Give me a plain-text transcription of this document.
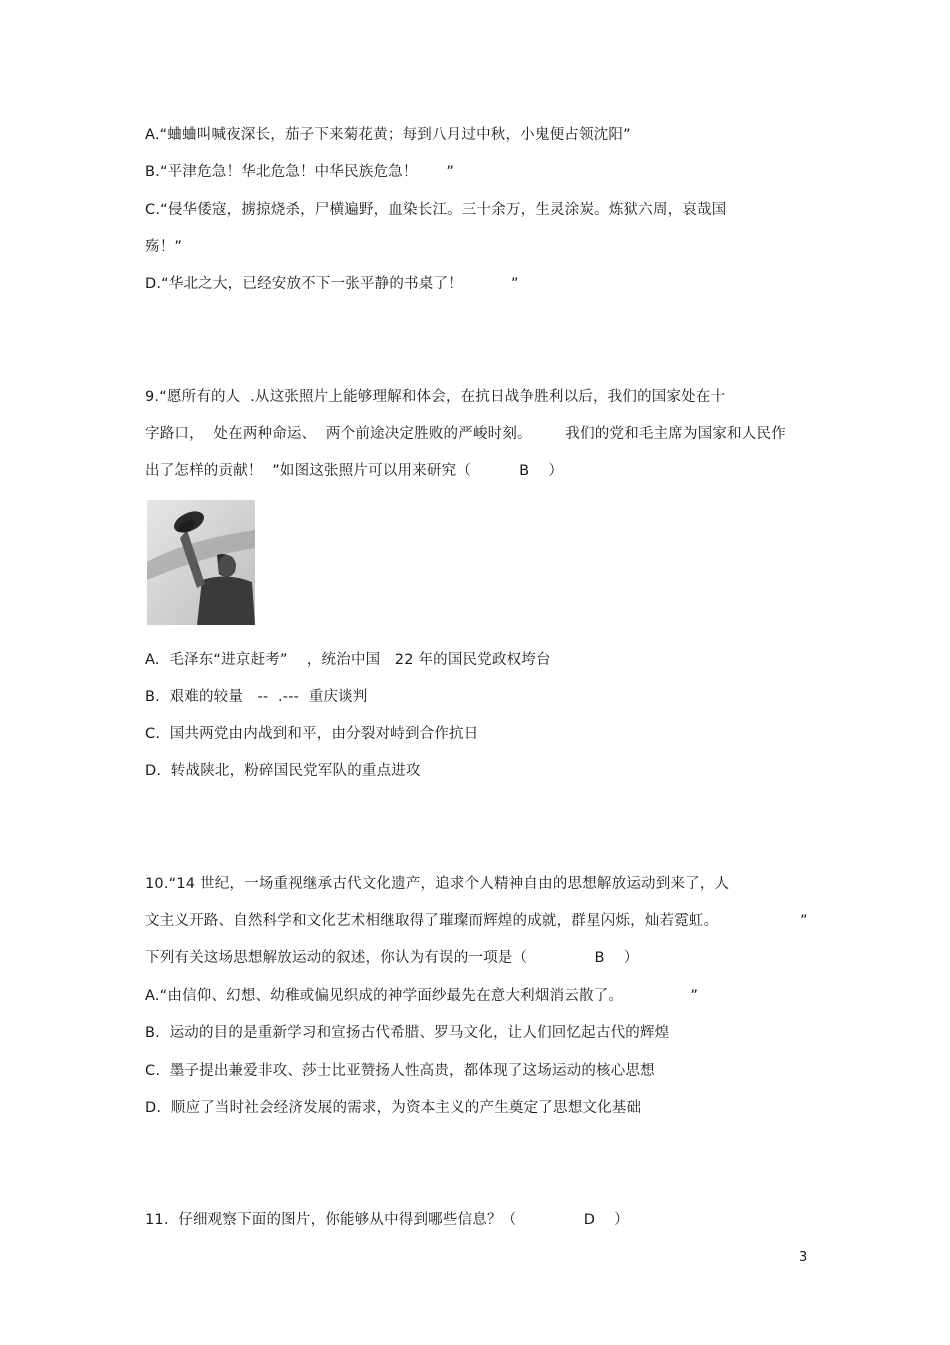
A.“蛐蛐叫喊夜深长，茄子下来菊花黄；每到八月过中秋，小鬼便占领沈阳”
B.“平津危急！华北危急！中华民族危急！      ”
C.“侵华倭寇，掳掠烧杀，尸横遍野，血染长江。三十余万，生灵涂炭。炼狱六周，哀哉国
殇！”
D.“华北之大，已经安放不下一张平静的书桌了！          ”
9.“愿所有的人  .从这张照片上能够理解和体会，在抗日战争胜利以后，我们的国家处在十
字路口，  处在两种命运、  两个前途决定胜败的严峻时刻。       我们的党和毛主席为国家和人民作
出了怎样的贡献！  ”如图这张照片可以用来研究（          B    ）
A.  毛泽东“进京赶考”    ，统治中国   22 年的国民党政权垮台
B.  艰难的较量   --  .---  重庆谈判
C.  国共两党由内战到和平，由分裂对峙到合作抗日
D.  转战陕北，粉碎国民党军队的重点进攻
10.“14 世纪，一场重视继承古代文化遗产，追求个人精神自由的思想解放运动到来了，人
文主义开路、自然科学和文化艺术相继取得了璀璨而辉煌的成就，群星闪烁，灿若霓虹。                 ”
下列有关这场思想解放运动的叙述，你认为有误的一项是（              B    ）
A.“由信仰、幻想、幼稚或偏见织成的神学面纱最先在意大利烟消云散了。              ”
B.  运动的目的是重新学习和宣扬古代希腊、罗马文化，让人们回忆起古代的辉煌
C.  墨子提出兼爱非攻、莎士比亚赞扬人性高贵，都体现了这场运动的核心思想
D.  顺应了当时社会经济发展的需求，为资本主义的产生奠定了思想文化基础
11.  仔细观察下面的图片，你能够从中得到哪些信息？（              D    ）
3
